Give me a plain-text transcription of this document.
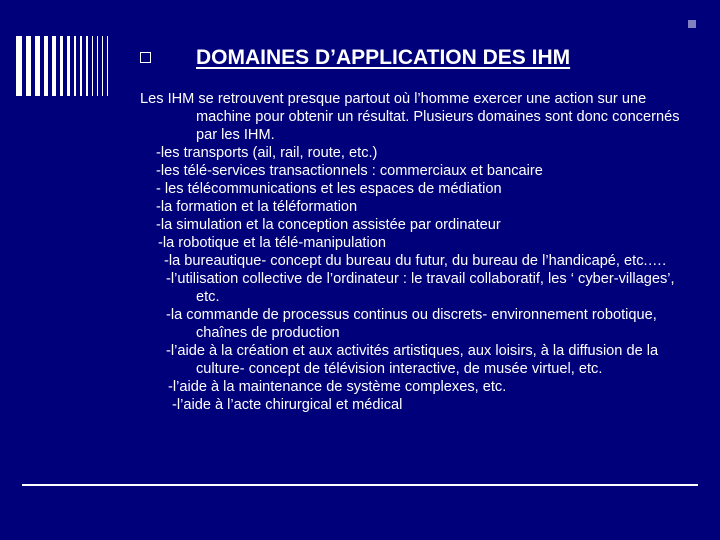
DOMAINES D’APPLICATION DES IHM

Les IHM se retrouvent presque partout où l’homme exercer une action sur une machine pour obtenir un résultat. Plusieurs domaines sont donc concernés par les IHM.

-les transports (ail, rail, route, etc.)

-les télé-services transactionnels : commerciaux et bancaire

- les télécommunications et les espaces de médiation

-la formation et la téléformation

-la simulation et la conception assistée par ordinateur

-la robotique et la télé-manipulation

-la bureautique- concept du bureau du futur, du bureau de l’handicapé, etc.….

-l’utilisation collective de l’ordinateur : le travail collaboratif, les ‘ cyber-villages’, etc.

-la commande de processus continus ou discrets- environnement robotique, chaînes de production

-l’aide à la création et aux activités artistiques, aux loisirs, à la diffusion de la culture- concept de télévision interactive, de musée virtuel, etc.

-l’aide à la maintenance de système complexes, etc.

-l’aide à l’acte chirurgical et médical
